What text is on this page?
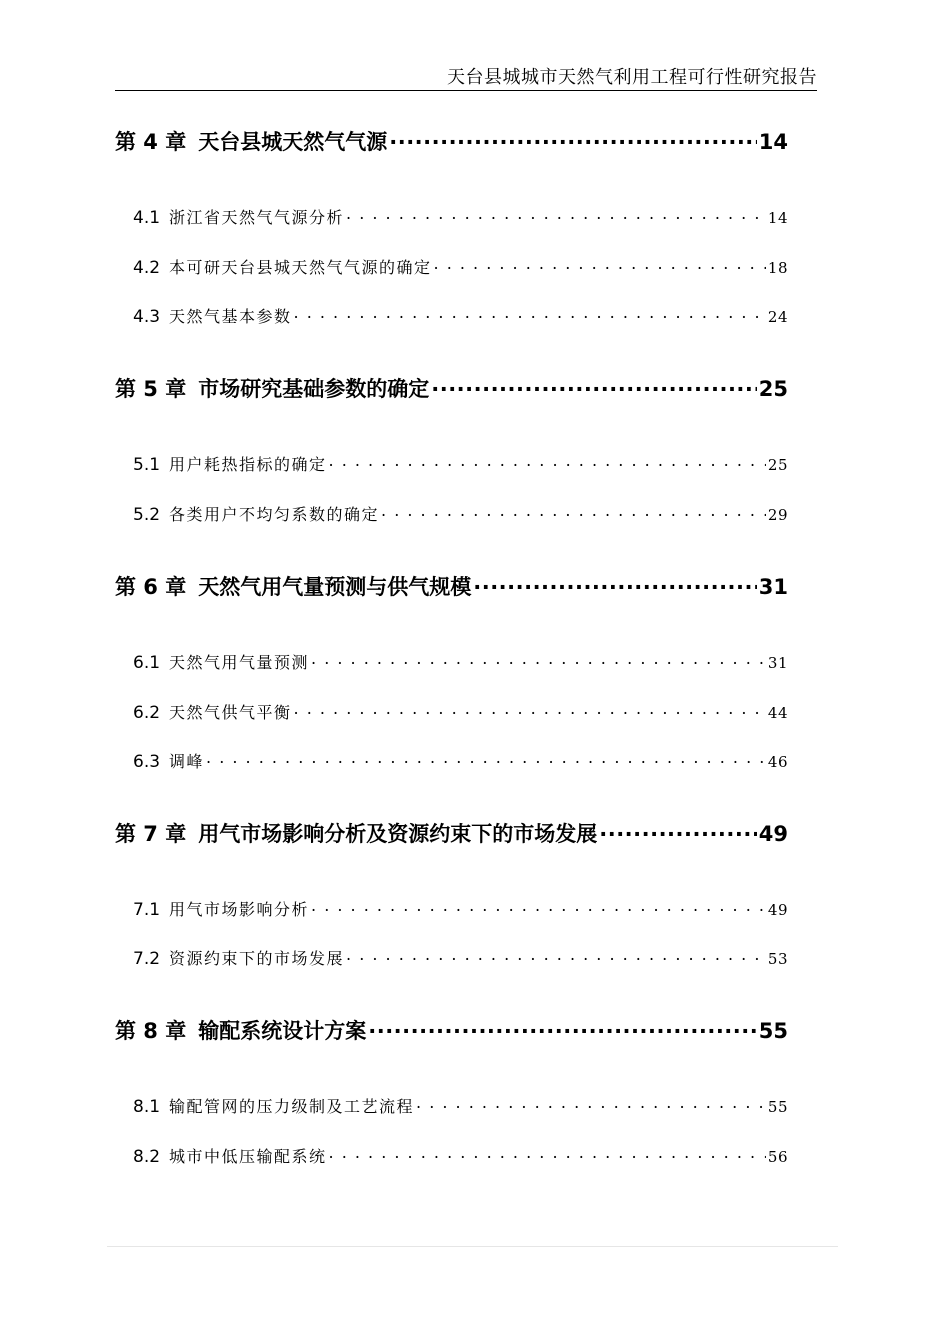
天台县城城市天然气利用工程可行性研究报告
第 4 章 天台县城天然气气源 .....	14
4.1 浙江省天然气气源分析 . . .	14
4.2 本可研天台县城天然气气源的确定 . . .	18
4.3 天然气基本参数 . . .	24
第 5 章 市场研究基础参数的确定 .....	25
5.1 用户耗热指标的确定 . . .	25
5.2 各类用户不均匀系数的确定 . . .	29
第 6 章 天然气用气量预测与供气规模 .....	31
6.1 天然气用气量预测 . . .	31
6.2 天然气供气平衡 . . .	44
6.3 调峰 . . .	46
第 7 章 用气市场影响分析及资源约束下的市场发展 .....	49
7.1 用气市场影响分析 . . .	49
7.2 资源约束下的市场发展 . . .	53
第 8 章 输配系统设计方案 .....	55
8.1 输配管网的压力级制及工艺流程 . . .	55
8.2 城市中低压输配系统 . . .	56
